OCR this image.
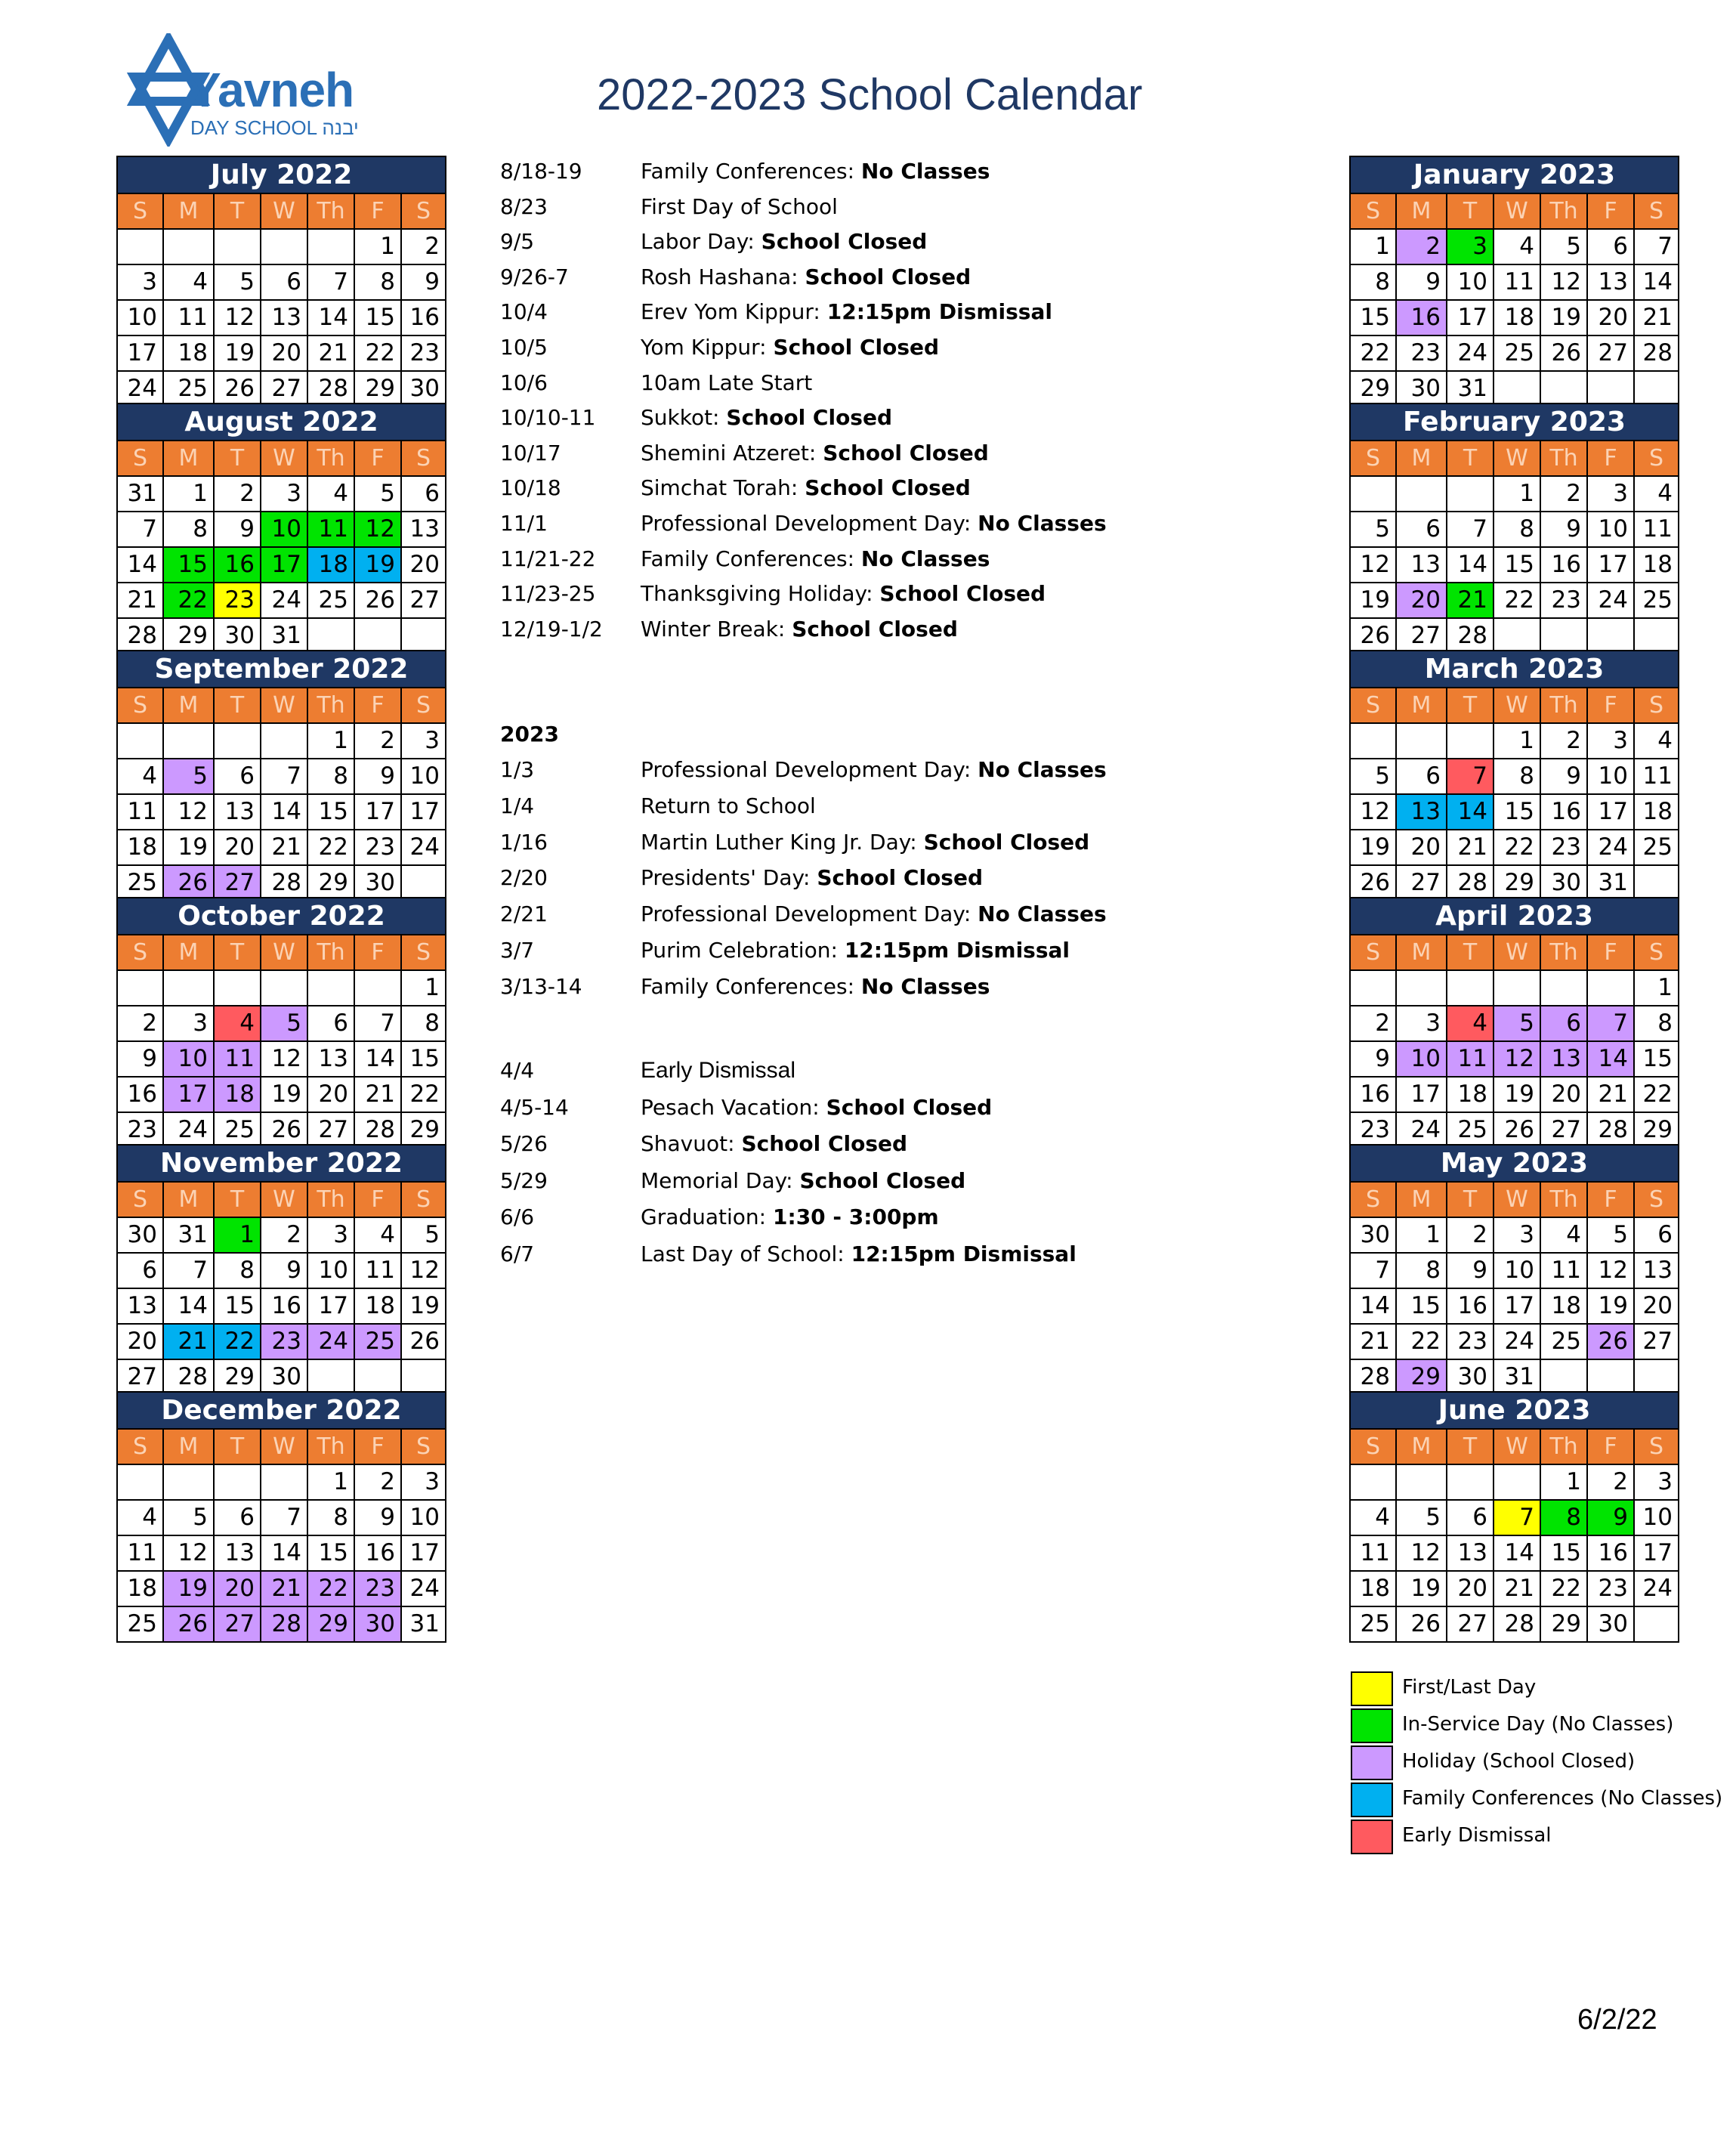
Yavneh
DAY SCHOOL יבנה
2022-2023 School Calendar
July 2022						
S	M	T	W	Th	F	S
					1	2
3	4	5	6	7	8	9
10	11	12	13	14	15	16
17	18	19	20	21	22	23
24	25	26	27	28	29	30
August 2022						
S	M	T	W	Th	F	S
31	1	2	3	4	5	6
7	8	9	10	11	12	13
14	15	16	17	18	19	20
21	22	23	24	25	26	27
28	29	30	31			
September 2022						
S	M	T	W	Th	F	S
				1	2	3
4	5	6	7	8	9	10
11	12	13	14	15	17	17
18	19	20	21	22	23	24
25	26	27	28	29	30	
October 2022						
S	M	T	W	Th	F	S
						1
2	3	4	5	6	7	8
9	10	11	12	13	14	15
16	17	18	19	20	21	22
23	24	25	26	27	28	29
November 2022						
S	M	T	W	Th	F	S
30	31	1	2	3	4	5
6	7	8	9	10	11	12
13	14	15	16	17	18	19
20	21	22	23	24	25	26
27	28	29	30			
December 2022						
S	M	T	W	Th	F	S
				1	2	3
4	5	6	7	8	9	10
11	12	13	14	15	16	17
18	19	20	21	22	23	24
25	26	27	28	29	30	31
January 2023						
S	M	T	W	Th	F	S
1	2	3	4	5	6	7
8	9	10	11	12	13	14
15	16	17	18	19	20	21
22	23	24	25	26	27	28
29	30	31				
February 2023						
S	M	T	W	Th	F	S
			1	2	3	4
5	6	7	8	9	10	11
12	13	14	15	16	17	18
19	20	21	22	23	24	25
26	27	28				
March 2023						
S	M	T	W	Th	F	S
			1	2	3	4
5	6	7	8	9	10	11
12	13	14	15	16	17	18
19	20	21	22	23	24	25
26	27	28	29	30	31	
April 2023						
S	M	T	W	Th	F	S
						1
2	3	4	5	6	7	8
9	10	11	12	13	14	15
16	17	18	19	20	21	22
23	24	25	26	27	28	29
May 2023						
S	M	T	W	Th	F	S
30	1	2	3	4	5	6
7	8	9	10	11	12	13
14	15	16	17	18	19	20
21	22	23	24	25	26	27
28	29	30	31			
June 2023						
S	M	T	W	Th	F	S
				1	2	3
4	5	6	7	8	9	10
11	12	13	14	15	16	17
18	19	20	21	22	23	24
25	26	27	28	29	30	
8/18-19	Family Conferences: No Classes
8/23	First Day of School
9/5	Labor Day: School Closed
9/26-7	Rosh Hashana: School Closed
10/4	Erev Yom Kippur: 12:15pm Dismissal
10/5	Yom Kippur: School Closed
10/6	10am Late Start
10/10-11 Sukkot: School Closed
10/17	Shemini Atzeret: School Closed
10/18	Simchat Torah: School Closed
11/1	Professional Development Day: No Classes
11/21-22 Family Conferences: No Classes
11/23-25 Thanksgiving Holiday: School Closed
12/19-1/2 Winter Break: School Closed
2023
1/3	Professional Development Day: No Classes
1/4	Return to School
1/16	Martin Luther King Jr. Day: School Closed
2/20	Presidents' Day: School Closed
2/21	Professional Development Day: No Classes
3/7	Purim Celebration: 12:15pm Dismissal
3/13-14	Family Conferences: No Classes
4/4	Early Dismissal
4/5-14	Pesach Vacation: School Closed
5/26	Shavuot: School Closed
5/29	Memorial Day: School Closed
6/6	Graduation: 1:30 - 3:00pm
6/7	Last Day of School: 12:15pm Dismissal
First/Last Day
In-Service Day (No Classes)
Holiday (School Closed)
Family Conferences (No Classes)
Early Dismissal
6/2/22
